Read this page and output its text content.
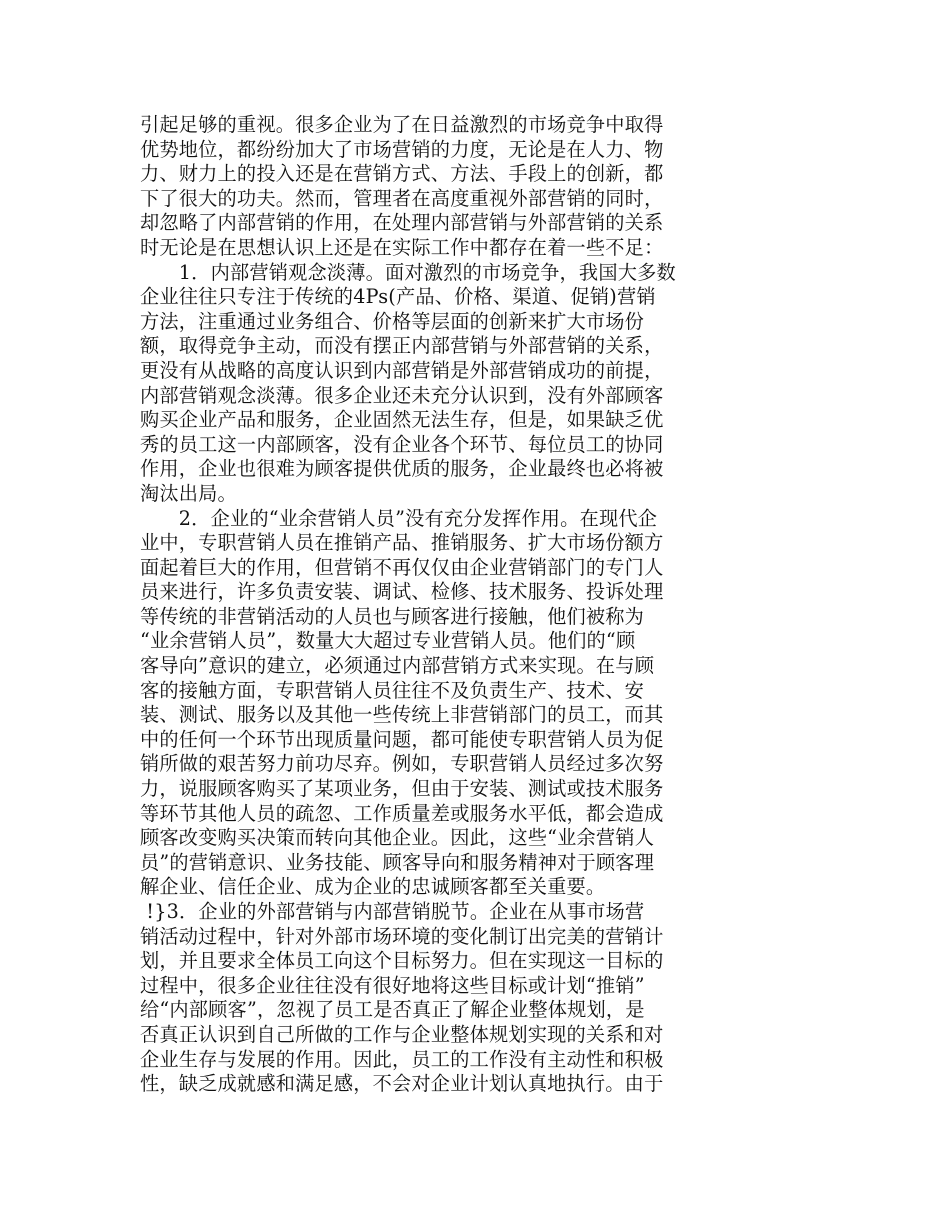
引起足够的重视。很多企业为了在日益激烈的市场竞争中取得
优势地位，都纷纷加大了市场营销的力度，无论是在人力、物
力、财力上的投入还是在营销方式、方法、手段上的创新，都
下了很大的功夫。然而，管理者在高度重视外部营销的同时，
却忽略了内部营销的作用，在处理内部营销与外部营销的关系
时无论是在思想认识上还是在实际工作中都存在着一些不足：
　　1．内部营销观念淡薄。面对激烈的市场竞争，我国大多数
企业往往只专注于传统的4Ps(产品、价格、渠道、促销)营销
方法，注重通过业务组合、价格等层面的创新来扩大市场份
额，取得竞争主动，而没有摆正内部营销与外部营销的关系，
更没有从战略的高度认识到内部营销是外部营销成功的前提，
内部营销观念淡薄。很多企业还未充分认识到，没有外部顾客
购买企业产品和服务，企业固然无法生存，但是，如果缺乏优
秀的员工这一内部顾客，没有企业各个环节、每位员工的协同
作用，企业也很难为顾客提供优质的服务，企业最终也必将被
淘汰出局。
　　2．企业的“业余营销人员”没有充分发挥作用。在现代企
业中，专职营销人员在推销产品、推销服务、扩大市场份额方
面起着巨大的作用，但营销不再仅仅由企业营销部门的专门人
员来进行，许多负责安装、调试、检修、技术服务、投诉处理
等传统的非营销活动的人员也与顾客进行接触，他们被称为
“业余营销人员”，数量大大超过专业营销人员。他们的“顾
客导向”意识的建立，必须通过内部营销方式来实现。在与顾
客的接触方面，专职营销人员往往不及负责生产、技术、安
装、测试、服务以及其他一些传统上非营销部门的员工，而其
中的任何一个环节出现质量问题，都可能使专职营销人员为促
销所做的艰苦努力前功尽弃。例如，专职营销人员经过多次努
力，说服顾客购买了某项业务，但由于安装、测试或技术服务
等环节其他人员的疏忽、工作质量差或服务水平低，都会造成
顾客改变购买决策而转向其他企业。因此，这些“业余营销人
员”的营销意识、业务技能、顾客导向和服务精神对于顾客理
解企业、信任企业、成为企业的忠诚顾客都至关重要。
!}3．企业的外部营销与内部营销脱节。企业在从事市场营
销活动过程中，针对外部市场环境的变化制订出完美的营销计
划，并且要求全体员工向这个目标努力。但在实现这一目标的
过程中，很多企业往往没有很好地将这些目标或计划“推销”
给“内部顾客”，忽视了员工是否真正了解企业整体规划，是
否真正认识到自己所做的工作与企业整体规划实现的关系和对
企业生存与发展的作用。因此，员工的工作没有主动性和积极
性，缺乏成就感和满足感，不会对企业计划认真地执行。由于
